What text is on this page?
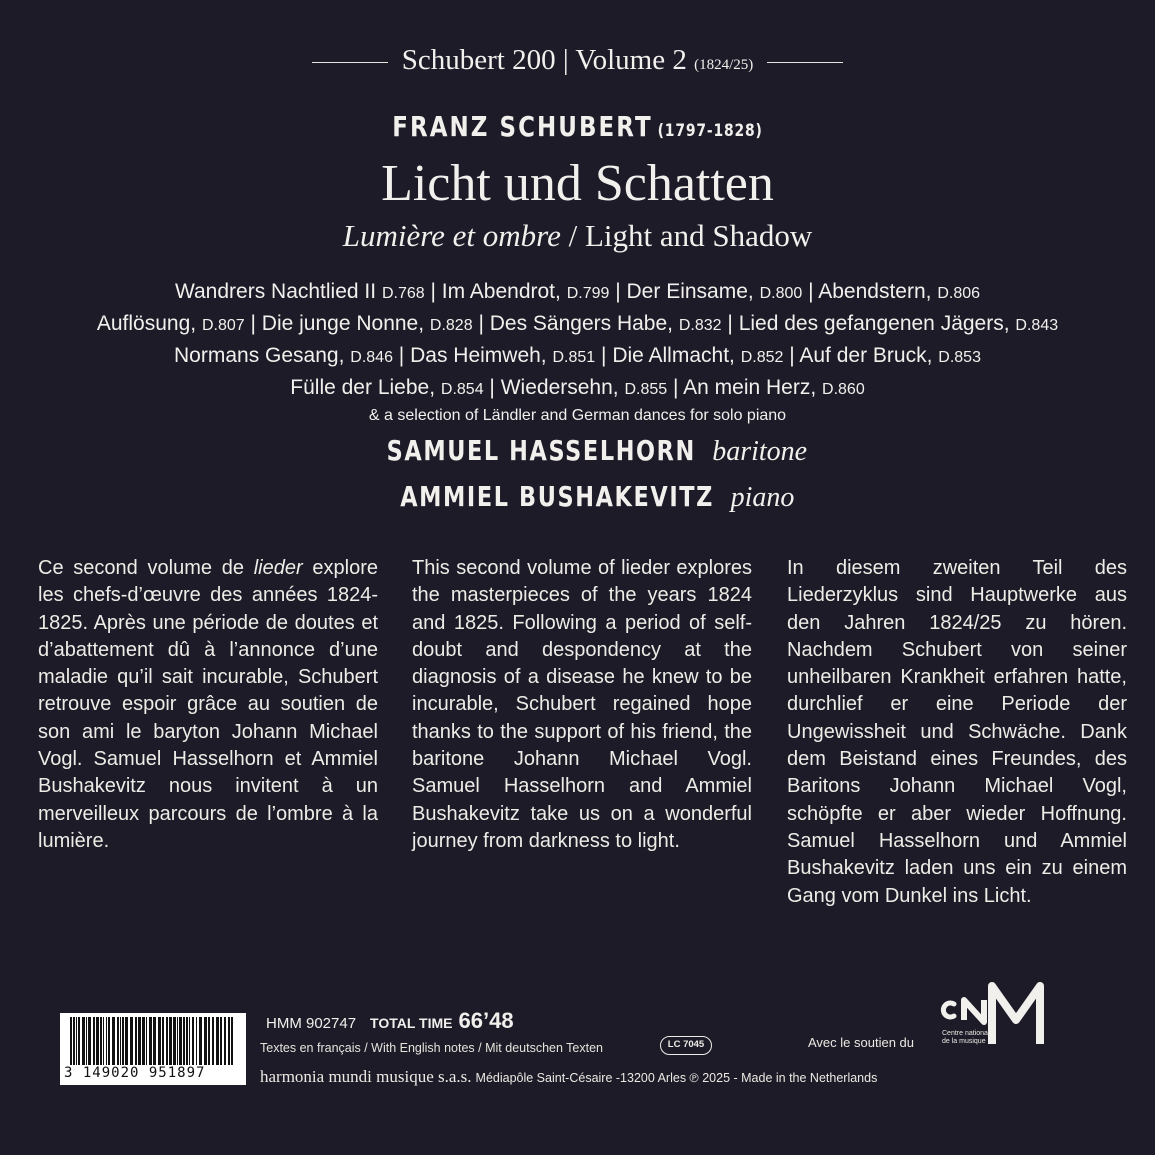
Schubert 200 | Volume 2 (1824/25)
FRANZ SCHUBERT (1797-1828)
Licht und Schatten
Lumière et ombre / Light and Shadow
Wandrers Nachtlied II D.768 | Im Abendrot, D.799 | Der Einsame, D.800 | Abendstern, D.806
Auflösung, D.807 | Die junge Nonne, D.828 | Des Sängers Habe, D.832 | Lied des gefangenen Jägers, D.843
Normans Gesang, D.846 | Das Heimweh, D.851 | Die Allmacht, D.852 | Auf der Bruck, D.853
Fülle der Liebe, D.854 | Wiedersehn, D.855 | An mein Herz, D.860
& a selection of Ländler and German dances for solo piano
SAMUEL HASSELHORN baritone
AMMIEL BUSHAKEVITZ piano
Ce second volume de lieder explore les chefs-d’œuvre des années 1824-1825. Après une période de doutes et d’abattement dû à l’annonce d’une maladie qu’il sait incurable, Schubert retrouve espoir grâce au soutien de son ami le baryton Johann Michael Vogl. Samuel Hasselhorn et Ammiel Bushakevitz nous invitent à un merveilleux parcours de l’ombre à la lumière.
This second volume of lieder explores the masterpieces of the years 1824 and 1825. Following a period of self-doubt and despondency at the diagnosis of a disease he knew to be incurable, Schubert regained hope thanks to the support of his friend, the baritone Johann Michael Vogl. Samuel Hasselhorn and Ammiel Bushakevitz take us on a wonderful journey from darkness to light.
In diesem zweiten Teil des Liederzyklus sind Hauptwerke aus den Jahren 1824/25 zu hören. Nachdem Schubert von seiner unheilbaren Krankheit erfahren hatte, durchlief er eine Periode der Ungewissheit und Schwäche. Dank dem Beistand eines Freundes, des Baritons Johann Michael Vogl, schöpfte er aber wieder Hoffnung. Samuel Hasselhorn und Ammiel Bushakevitz laden uns ein zu einem Gang vom Dunkel ins Licht.
3 149020 951897
HMM 902747 TOTAL TIME 66’48
Textes en français / With English notes / Mit deutschen Texten	LC 7045
harmonia mundi musique s.a.s. Médiapôle Saint-Césaire -13200 Arles ℗ 2025 - Made in the Netherlands
Avec le soutien du
Centre national
de la musique
